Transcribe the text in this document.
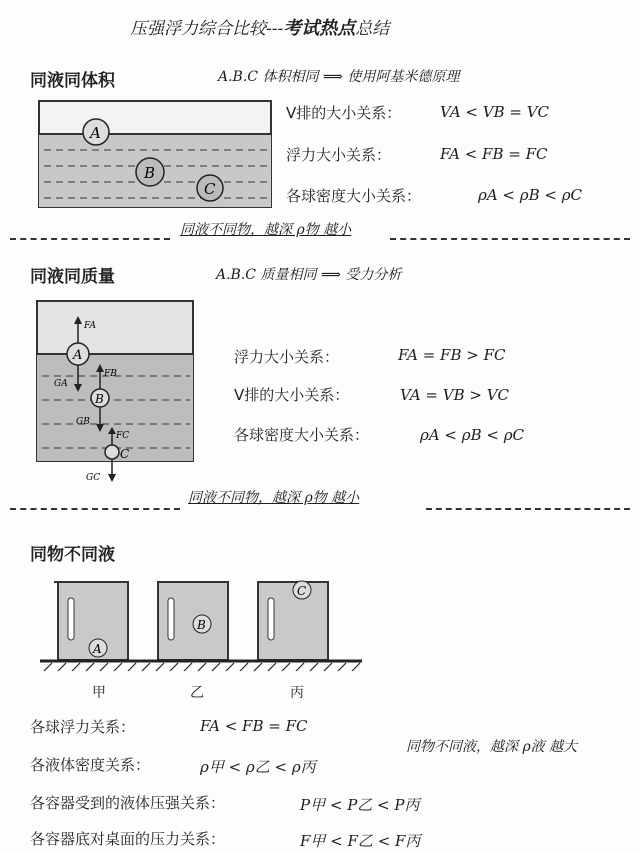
压强浮力综合比较---考试热点总结
同液同体积	A.B.C 体积相同 ⟹ 使用阿基米德原理
A
B
C
V排的大小关系：	VA < VB = VC
浮力大小关系：	FA < FB = FC
各球密度大小关系：	ρA < ρB < ρC
同液不同物，越深 ρ物 越小
同液同质量	A.B.C 质量相同 ⟹ 受力分析
A
FA
GA
B
FB
GB
C
FC
GC
浮力大小关系：	FA = FB > FC
V排的大小关系：	VA = VB > VC
各球密度大小关系：	ρA < ρB < ρC
同液不同物，越深 ρ物 越小
同物不同液
A
B
C
甲	乙	丙
各球浮力关系：	FA < FB = FC
各液体密度关系：	ρ甲 < ρ乙 < ρ丙
各容器受到的液体压强关系：	P甲 < P乙 < P丙
各容器底对桌面的压力关系：	F甲 < F乙 < F丙
同物不同液，越深 ρ液 越大
